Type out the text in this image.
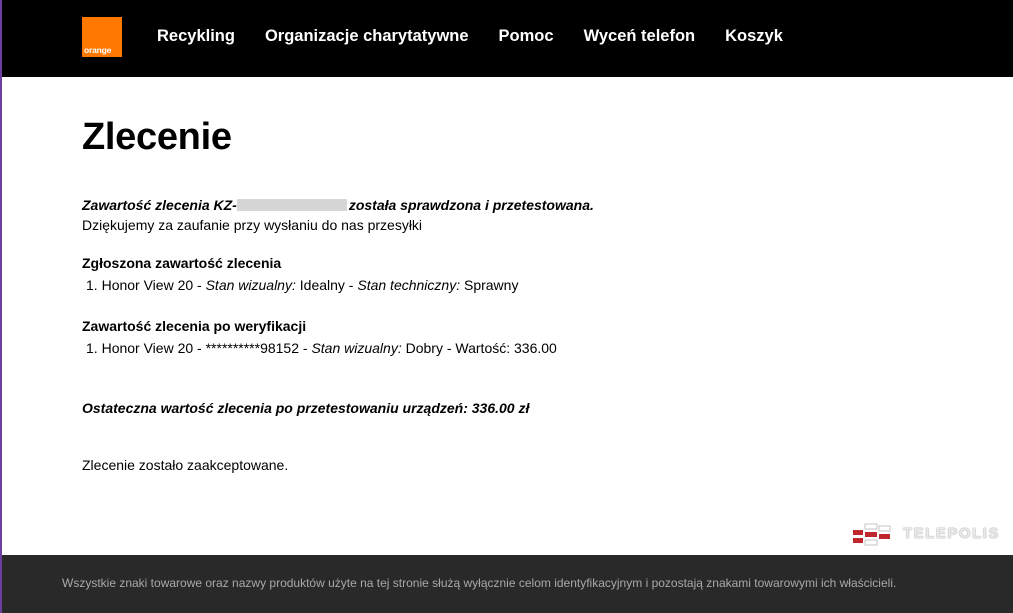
orange
Recykling Organizacje charytatywne Pomoc Wyceń telefon Koszyk
Zlecenie

Zawartość zlecenia KZ-	została sprawdzona i przetestowana.

Dziękujemy za zaufanie przy wysłaniu do nas przesyłki

Zgłoszona zawartość zlecenia
1. Honor View 20 - Stan wizualny: Idealny - Stan techniczny: Sprawny
Zawartość zlecenia po weryfikacji
1. Honor View 20 - **********98152 - Stan wizualny: Dobry - Wartość: 336.00

Ostateczna wartość zlecenia po przetestowaniu urządzeń: 336.00 zł

Zlecenie zostało zaakceptowane.

TELEPOLIS

Wszystkie znaki towarowe oraz nazwy produktów użyte na tej stronie służą wyłącznie celom identyfikacyjnym i pozostają znakami towarowymi ich właścicieli.
